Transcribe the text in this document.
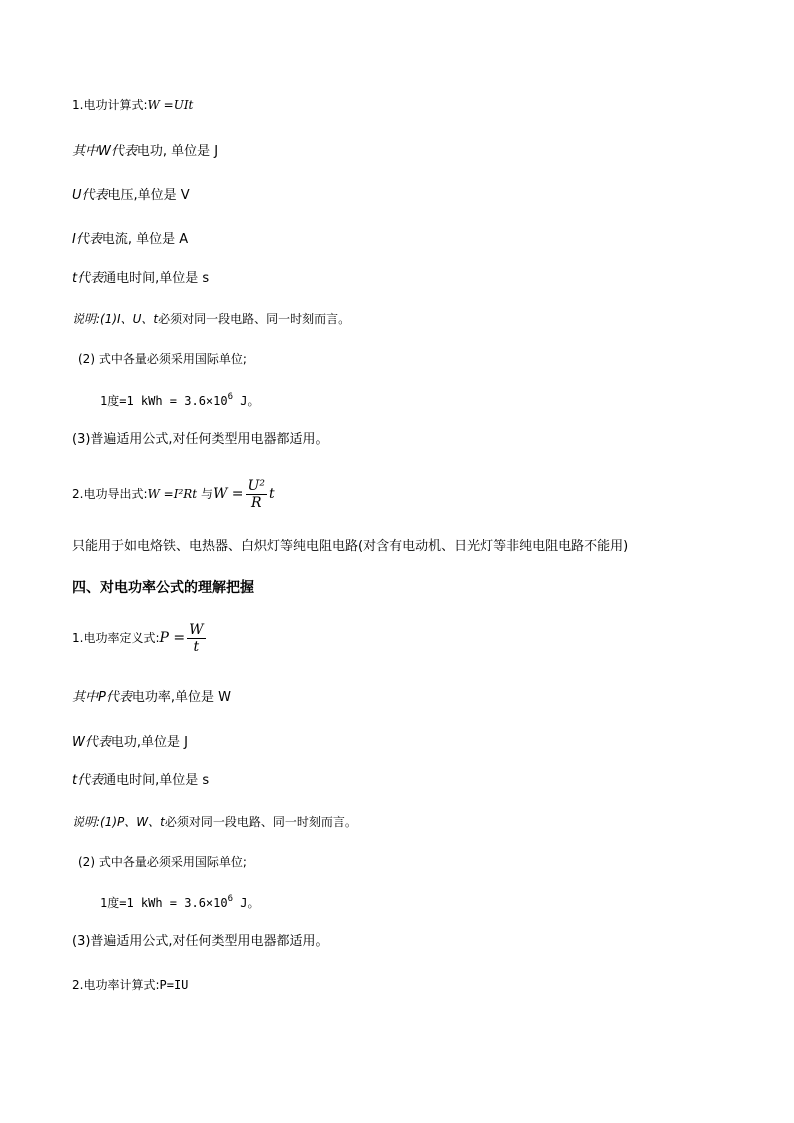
1.电功计算式:W =UIt
其中W代表电功, 单位是 J
U代表电压,单位是 V
I代表电流, 单位是 A
t代表通电时间,单位是 s
说明:(1)I、U、t必须对同一段电路、同一时刻而言。
(2) 式中各量必须采用国际单位;
1度=1 kWh = $3.6\times 10^6$ J。
(3)普遍适用公式,对任何类型用电器都适用。
2.电功导出式:W =I²Rt 与$W = \frac{\text{U²}}{R}$ t
只能用于如电烙铁、电热器、白炽灯等纯电阻电路(对含有电动机、日光灯等非纯电阻电路不能用)
四、对电功率公式的理解把握
1.电功率定义式:P = $\frac{W}{t}$
其中P代表电功率,单位是 W
W代表电功,单位是 J
t代表通电时间,单位是 s
说明:(1)P、W、t必须对同一段电路、同一时刻而言。
(2) 式中各量必须采用国际单位;
1度=1 kWh = $3.6\times 10^6$ J。
(3)普遍适用公式,对任何类型用电器都适用。
2.电功率计算式:P=IU
